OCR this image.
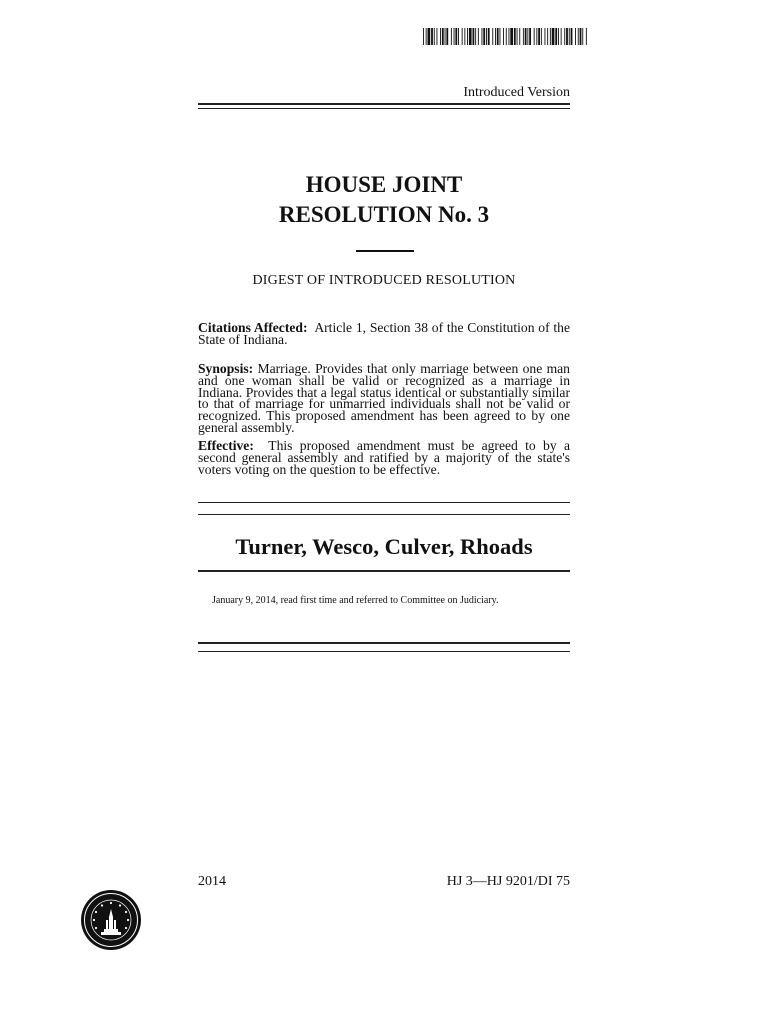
Introduced Version
HOUSE JOINT
RESOLUTION No. 3
DIGEST OF INTRODUCED RESOLUTION
Citations Affected: Article 1, Section 38 of the Constitution of the State of Indiana.
Synopsis: Marriage. Provides that only marriage between one man and one woman shall be valid or recognized as a marriage in Indiana. Provides that a legal status identical or substantially similar to that of marriage for unmarried individuals shall not be valid or recognized. This proposed amendment has been agreed to by one general assembly.
Effective: This proposed amendment must be agreed to by a second general assembly and ratified by a majority of the state's voters voting on the question to be effective.
Turner, Wesco, Culver, Rhoads
January 9, 2014, read first time and referred to Committee on Judiciary.
2014	HJ 3—HJ 9201/DI 75
